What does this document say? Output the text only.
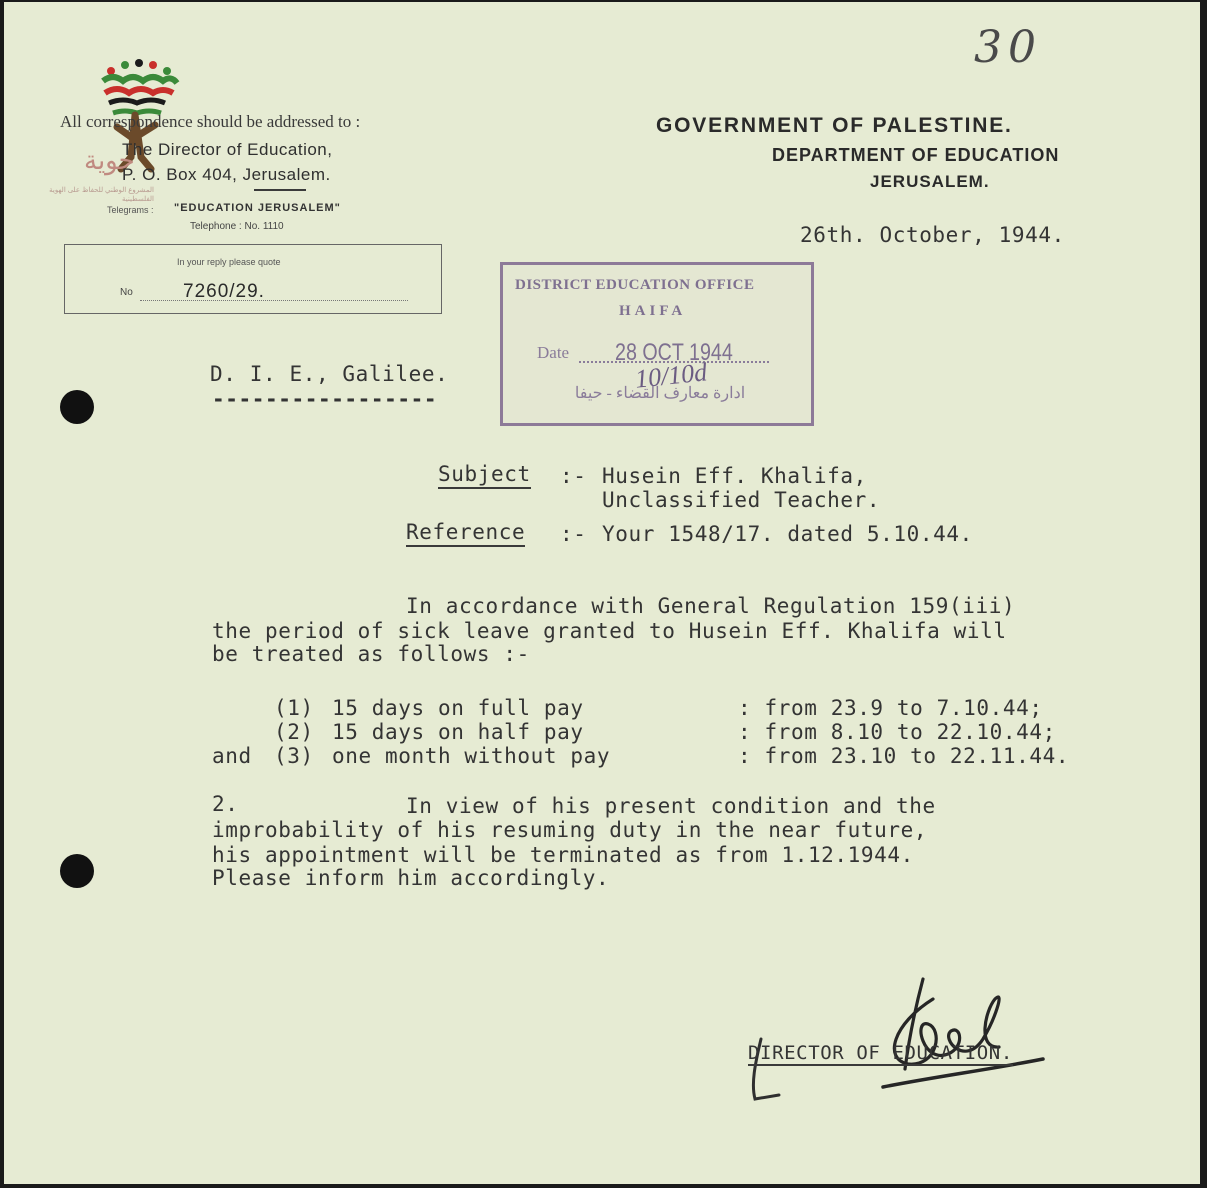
30

حوية
المشروع الوطني للحفاظ على الهوية الفلسطينية
All correspondence should be addressed to :
The Director of Education,
P. O. Box 404, Jerusalem.
Telegrams : "EDUCATION JERUSALEM"
Telephone : No. 1110
GOVERNMENT OF PALESTINE.
DEPARTMENT OF EDUCATION
JERUSALEM.
26th. October, 1944.

In your reply please quote

No

	7260/29.

	DISTRICT EDUCATION OFFICE

HAIFA

Date

28 OCT 1944

10/10d

ادارة معارف القضاء - حيفا

D. I. E., Galilee.
-----------------
Subject :- Husein Eff. Khalifa,
Unclassified Teacher.
Reference :- Your 1548/17. dated 5.10.44.
In accordance with General Regulation 159(iii)
the period of sick leave granted to Husein Eff. Khalifa will
be treated as follows :-
(1) 15 days on full pay	: from 23.9 to 7.10.44;
(2) 15 days on half pay	: from 8.10 to 22.10.44;
and (3) one month without pay	: from 23.10 to 22.11.44.
2.	In view of his present condition and the
improbability of his resuming duty in the near future,
his appointment will be terminated as from 1.12.1944.
Please inform him accordingly.

DIRECTOR OF EDUCATION.
